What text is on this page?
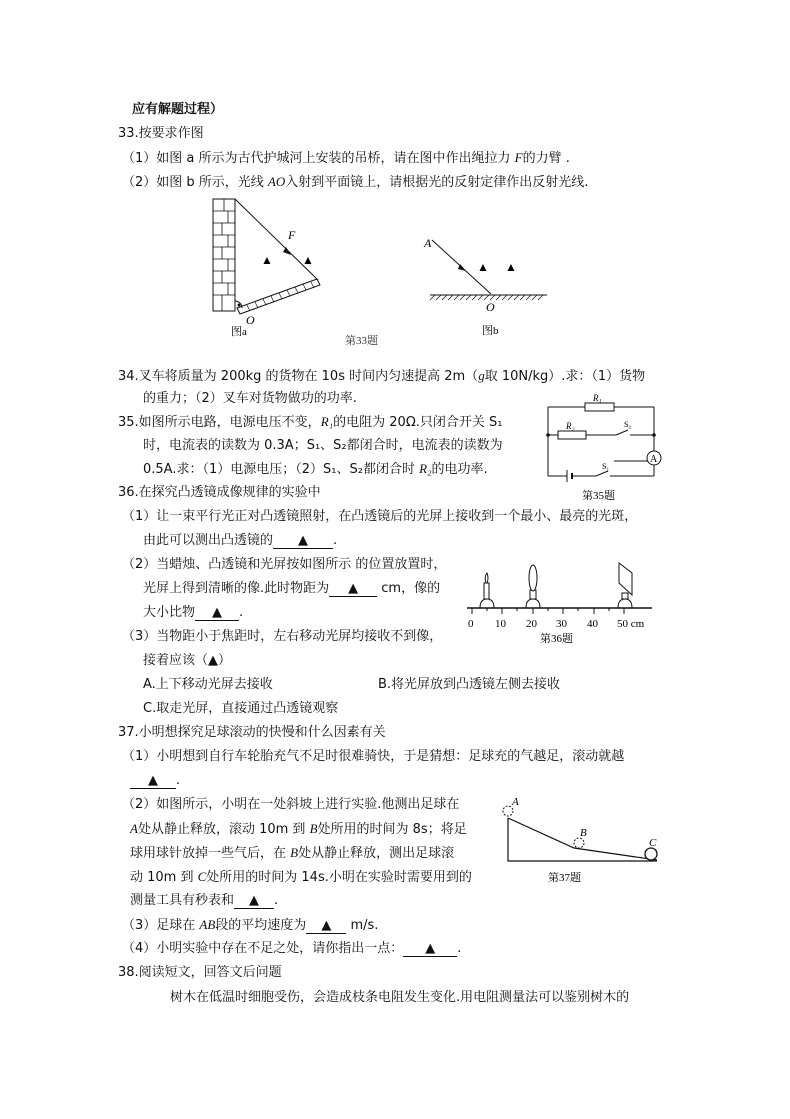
应有解题过程）
33.按要求作图
（1）如图 a 所示为古代护城河上安装的吊桥，请在图中作出绳拉力 F的力臂 .
（2）如图 b 所示，光线 AO入射到平面镜上，请根据光的反射定律作出反射光线.
F
O
图a
▲ ▲
A
O
图b
▲ ▲
第33题
34.叉车将质量为 200kg 的货物在 10s 时间内匀速提高 2m（g取 10N/kg）.求：（1）货物
的重力；（2）叉车对货物做功的功率.
35.如图所示电路，电源电压不变，R₁的电阻为 20Ω.只闭合开关 S₁
时，电流表的读数为 0.3A；S₁、S₂都闭合时，电流表的读数为
0.5A.求：（1）电源电压；（2）S₁、S₂都闭合时 R₂的电功率.
A
R₁
R₂	S₂
S₁
第35题
36.在探究凸透镜成像规律的实验中
（1）让一束平行光正对凸透镜照射，在凸透镜后的光屏上接收到一个最小、最亮的光斑，
由此可以测出凸透镜的 ▲ .
（2）当蜡烛、凸透镜和光屏按如图所示 的位置放置时，
光屏上得到清晰的像.此时物距为 ▲ cm，像的
大小比物 ▲ .
0 10 20 30 40 50 cm
第36题
（3）当物距小于焦距时，左右移动光屏均接收不到像，
接着应该（▲）
A.上下移动光屏去接收	B.将光屏放到凸透镜左侧去接收
C.取走光屏，直接通过凸透镜观察
37.小明想探究足球滚动的快慢和什么因素有关
（1）小明想到自行车轮胎充气不足时很难骑快，于是猜想：足球充的气越足，滚动就越
▲ .
（2）如图所示，小明在一处斜坡上进行实验.他测出足球在
A处从静止释放，滚动 10m 到 B处所用的时间为 8s；将足
球用球针放掉一些气后，在 B处从静止释放，测出足球滚
动 10m 到 C处所用的时间为 14s.小明在实验时需要用到的
测量工具有秒表和 ▲ .
（3）足球在 AB段的平均速度为 ▲ m/s.
（4）小明实验中存在不足之处，请你指出一点： ▲ .
A
B
C
第37题
38.阅读短文，回答文后问题
树木在低温时细胞受伤，会造成枝条电阻发生变化.用电阻测量法可以鉴别树木的
